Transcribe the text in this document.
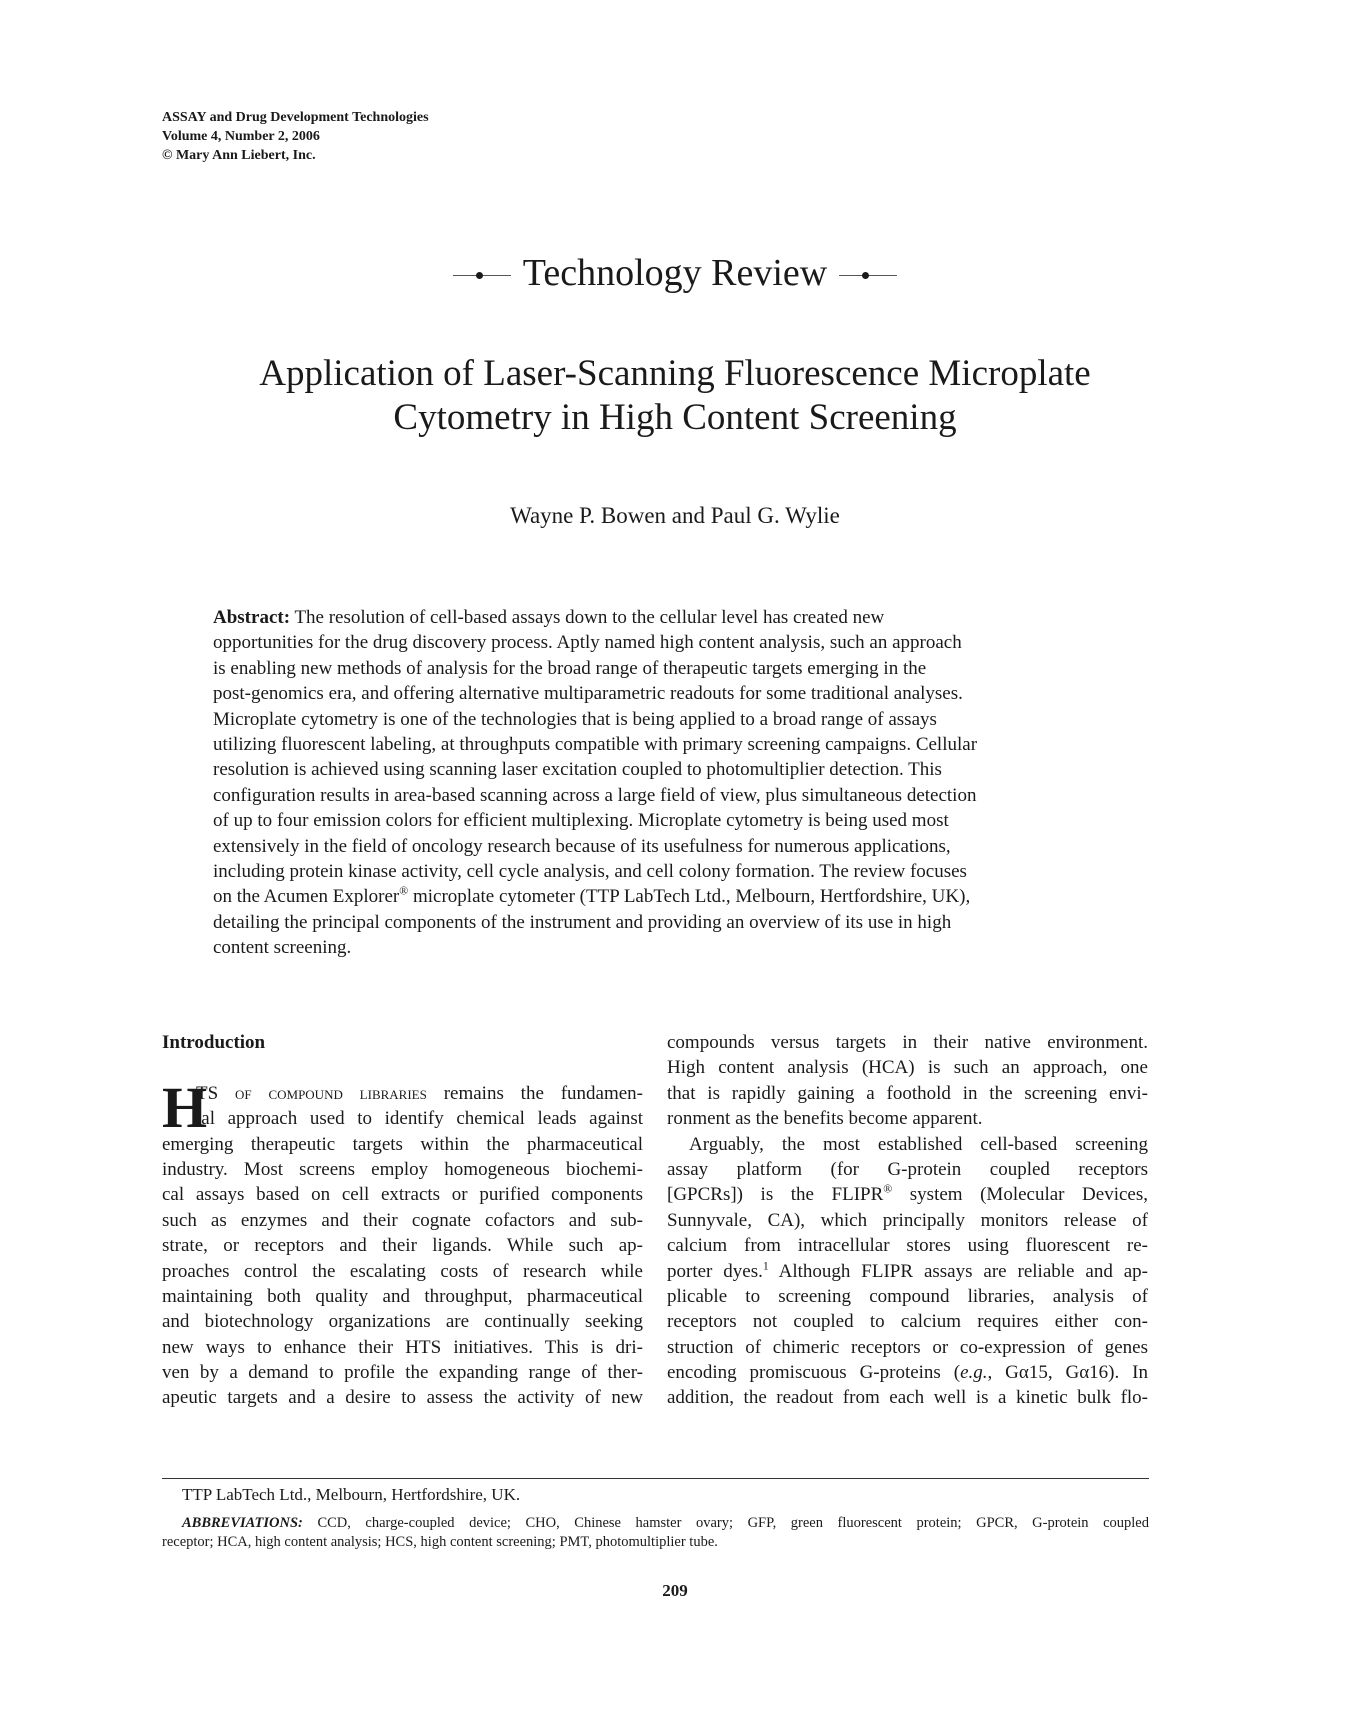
ASSAY and Drug Development Technologies
Volume 4, Number 2, 2006
© Mary Ann Liebert, Inc.
Technology Review
Application of Laser-Scanning Fluorescence Microplate
Cytometry in High Content Screening
Wayne P. Bowen and Paul G. Wylie
Abstract: The resolution of cell-based assays down to the cellular level has created new
opportunities for the drug discovery process. Aptly named high content analysis, such an approach
is enabling new methods of analysis for the broad range of therapeutic targets emerging in the
post-genomics era, and offering alternative multiparametric readouts for some traditional analyses.
Microplate cytometry is one of the technologies that is being applied to a broad range of assays
utilizing fluorescent labeling, at throughputs compatible with primary screening campaigns. Cellular
resolution is achieved using scanning laser excitation coupled to photomultiplier detection. This
configuration results in area-based scanning across a large field of view, plus simultaneous detection
of up to four emission colors for efficient multiplexing. Microplate cytometry is being used most
extensively in the field of oncology research because of its usefulness for numerous applications,
including protein kinase activity, cell cycle analysis, and cell colony formation. The review focuses
on the Acumen Explorer® microplate cytometer (TTP LabTech Ltd., Melbourn, Hertfordshire, UK),
detailing the principal components of the instrument and providing an overview of its use in high
content screening.
Introduction
H
TS of compound libraries remains the fundamen-
tal approach used to identify chemical leads against
emerging therapeutic targets within the pharmaceutical
industry. Most screens employ homogeneous biochemi-
cal assays based on cell extracts or purified components
such as enzymes and their cognate cofactors and sub-
strate, or receptors and their ligands. While such ap-
proaches control the escalating costs of research while
maintaining both quality and throughput, pharmaceutical
and biotechnology organizations are continually seeking
new ways to enhance their HTS initiatives. This is dri-
ven by a demand to profile the expanding range of ther-
apeutic targets and a desire to assess the activity of new
compounds versus targets in their native environment.
High content analysis (HCA) is such an approach, one
that is rapidly gaining a foothold in the screening envi-
ronment as the benefits become apparent.
Arguably, the most established cell-based screening
assay platform (for G-protein coupled receptors
[GPCRs]) is the FLIPR® system (Molecular Devices,
Sunnyvale, CA), which principally monitors release of
calcium from intracellular stores using fluorescent re-
porter dyes.$^1$ Although FLIPR assays are reliable and ap-
plicable to screening compound libraries, analysis of
receptors not coupled to calcium requires either con-
struction of chimeric receptors or co-expression of genes
encoding promiscuous G-proteins (e.g., Gα15, Gα16). In
addition, the readout from each well is a kinetic bulk flo-
TTP LabTech Ltd., Melbourn, Hertfordshire, UK.
ABBREVIATIONS: CCD, charge-coupled device; CHO, Chinese hamster ovary; GFP, green fluorescent protein; GPCR, G-protein coupled
receptor; HCA, high content analysis; HCS, high content screening; PMT, photomultiplier tube.
209
